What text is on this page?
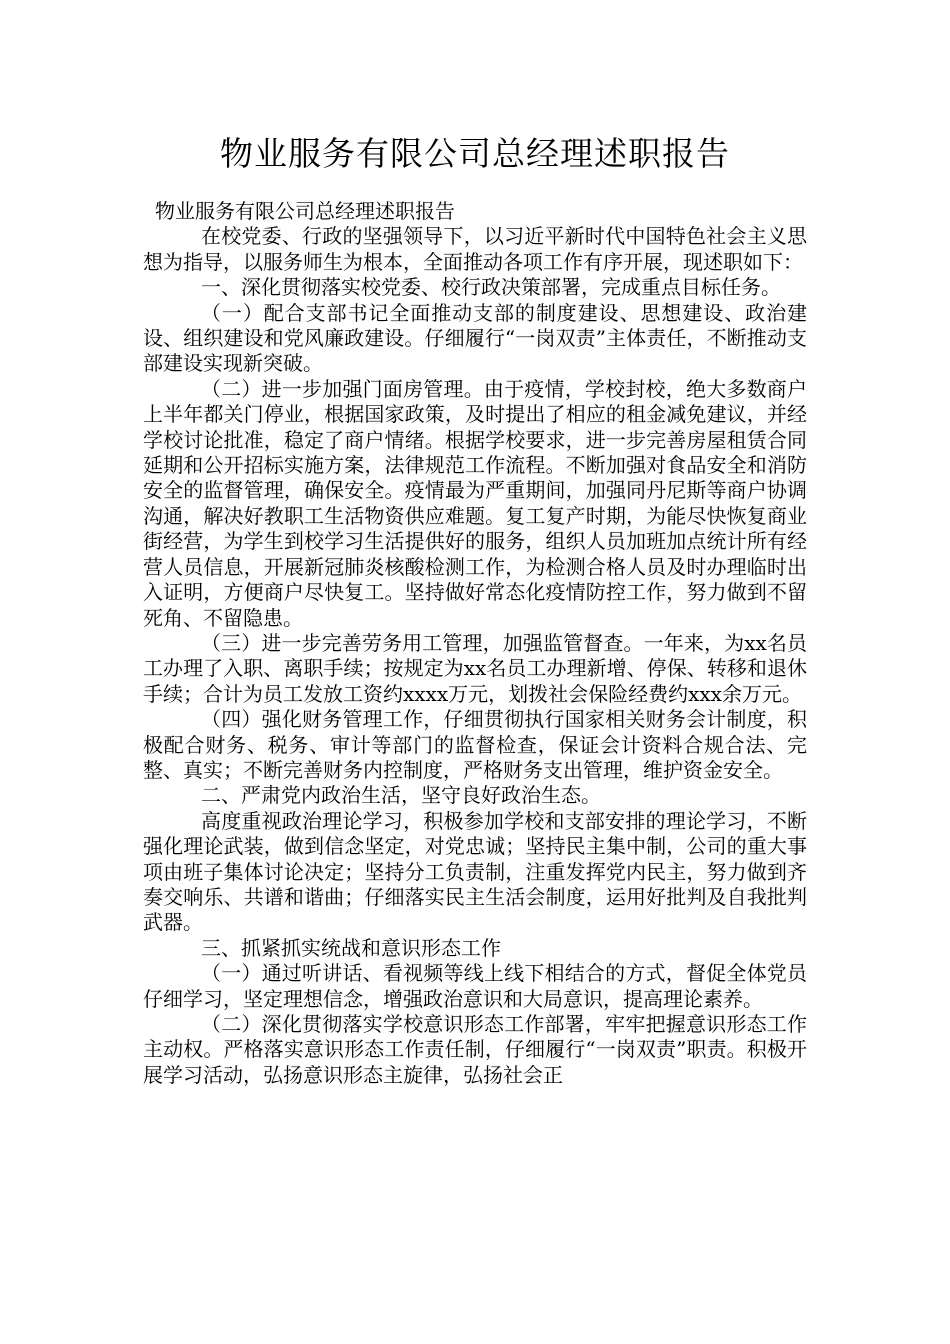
物业服务有限公司总经理述职报告

物业服务有限公司总经理述职报告

在校党委、行政的坚强领导下，以习近平新时代中国特色社会主义思想为指导，以服务师生为根本，全面推动各项工作有序开展，现述职如下：

一、深化贯彻落实校党委、校行政决策部署，完成重点目标任务。

（一）配合支部书记全面推动支部的制度建设、思想建设、政治建设、组织建设和党风廉政建设。仔细履行“一岗双责”主体责任，不断推动支部建设实现新突破。

（二）进一步加强门面房管理。由于疫情，学校封校，绝大多数商户上半年都关门停业，根据国家政策，及时提出了相应的租金减免建议，并经学校讨论批准，稳定了商户情绪。根据学校要求，进一步完善房屋租赁合同延期和公开招标实施方案，法律规范工作流程。不断加强对食品安全和消防安全的监督管理，确保安全。疫情最为严重期间，加强同丹尼斯等商户协调沟通，解决好教职工生活物资供应难题。复工复产时期，为能尽快恢复商业街经营，为学生到校学习生活提供好的服务，组织人员加班加点统计所有经营人员信息，开展新冠肺炎核酸检测工作，为检测合格人员及时办理临时出入证明，方便商户尽快复工。坚持做好常态化疫情防控工作，努力做到不留死角、不留隐患。

（三）进一步完善劳务用工管理，加强监管督查。一年来，为xx名员工办理了入职、离职手续；按规定为xx名员工办理新增、停保、转移和退休手续；合计为员工发放工资约xxxx万元，划拨社会保险经费约xxx余万元。

（四）强化财务管理工作，仔细贯彻执行国家相关财务会计制度，积极配合财务、税务、审计等部门的监督检查，保证会计资料合规合法、完整、真实；不断完善财务内控制度，严格财务支出管理，维护资金安全。

二、严肃党内政治生活，坚守良好政治生态。

高度重视政治理论学习，积极参加学校和支部安排的理论学习，不断强化理论武装，做到信念坚定，对党忠诚；坚持民主集中制，公司的重大事项由班子集体讨论决定；坚持分工负责制，注重发挥党内民主，努力做到齐奏交响乐、共谱和谐曲；仔细落实民主生活会制度，运用好批判及自我批判武器。

三、抓紧抓实统战和意识形态工作

（一）通过听讲话、看视频等线上线下相结合的方式，督促全体党员仔细学习，坚定理想信念，增强政治意识和大局意识，提高理论素养。

（二）深化贯彻落实学校意识形态工作部署，牢牢把握意识形态工作主动权。严格落实意识形态工作责任制，仔细履行“一岗双责”职责。积极开展学习活动，弘扬意识形态主旋律，弘扬社会正
